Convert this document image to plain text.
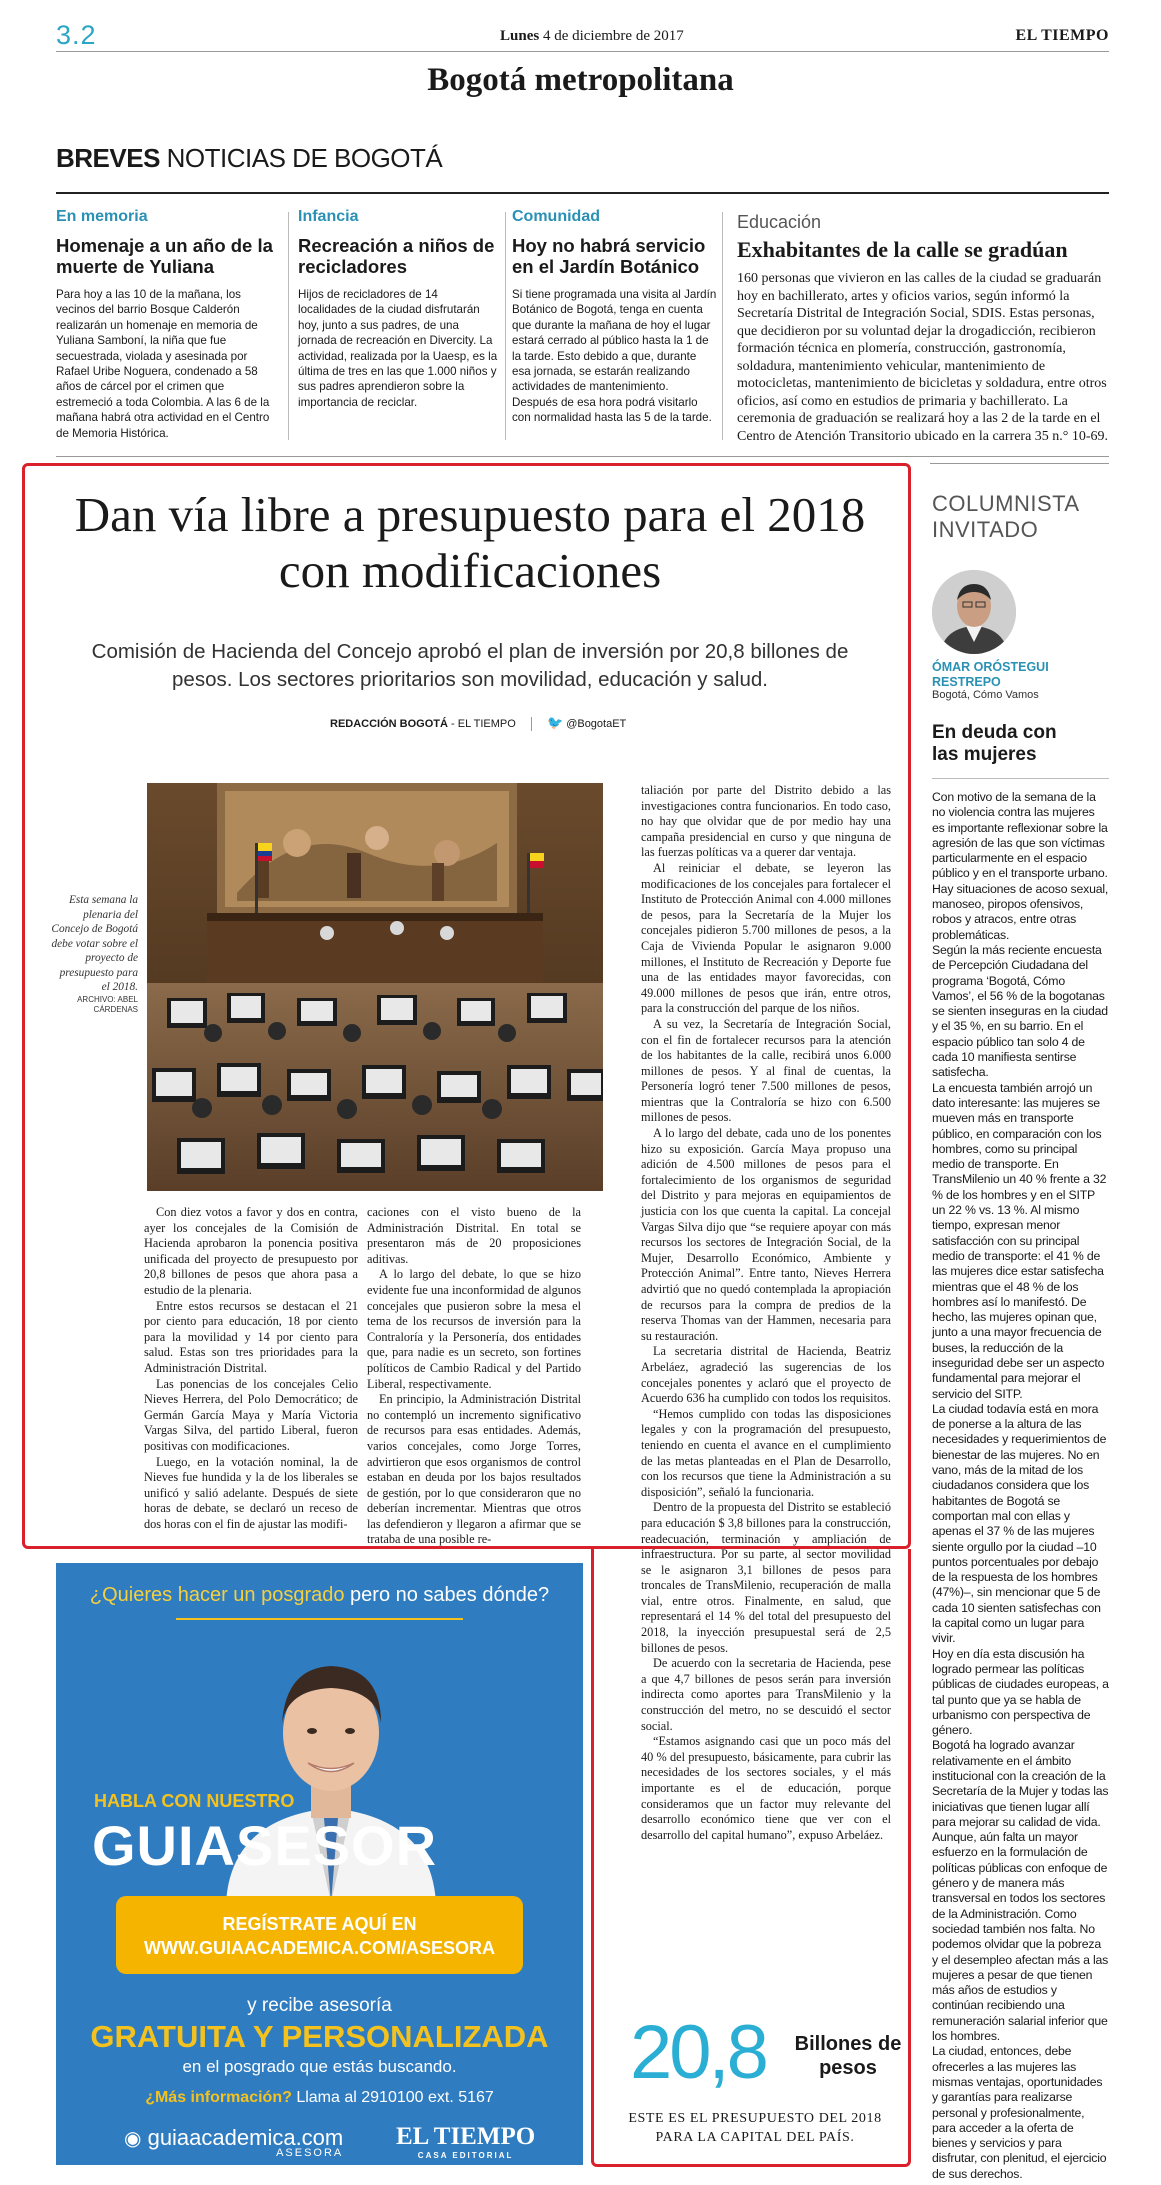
3.2	Lunes 4 de diciembre de 2017	EL TIEMPO
Bogotá metropolitana
BREVES NOTICIAS DE BOGOTÁ
En memoria
Homenaje a un año de la muerte de Yuliana

Para hoy a las 10 de la mañana, los vecinos del barrio Bosque Calderón realizarán un homenaje en memoria de Yuliana Samboní, la niña que fue secuestrada, violada y asesinada por Rafael Uribe Noguera, condenado a 58 años de cárcel por el crimen que estremeció a toda Colombia. A las 6 de la mañana habrá otra actividad en el Centro de Memoria Histórica.

Infancia
Recreación a niños de recicladores

Hijos de recicladores de 14 localidades de la ciudad disfrutarán hoy, junto a sus padres, de una jornada de recreación en Divercity. La actividad, realizada por la Uaesp, es la última de tres en las que 1.000 niños y sus padres aprendieron sobre la importancia de reciclar.

Comunidad
Hoy no habrá servicio en el Jardín Botánico

Si tiene programada una visita al Jardín Botánico de Bogotá, tenga en cuenta que durante la mañana de hoy el lugar estará cerrado al público hasta la 1 de la tarde. Esto debido a que, durante esa jornada, se estarán realizando actividades de mantenimiento. Después de esa hora podrá visitarlo con normalidad hasta las 5 de la tarde.

Educación
Exhabitantes de la calle se gradúan

160 personas que vivieron en las calles de la ciudad se graduarán hoy en bachillerato, artes y oficios varios, según informó la Secretaría Distrital de Integración Social, SDIS. Estas personas, que decidieron por su voluntad dejar la drogadicción, recibieron formación técnica en plomería, construcción, gastronomía, soldadura, mantenimiento vehicular, mantenimiento de motocicletas, mantenimiento de bicicletas y soldadura, entre otros oficios, así como en estudios de primaria y bachillerato. La ceremonia de graduación se realizará hoy a las 2 de la tarde en el Centro de Atención Transitorio ubicado en la carrera 35 n.° 10-69.

Dan vía libre a presupuesto para el 2018 con modificaciones
Comisión de Hacienda del Concejo aprobó el plan de inversión por 20,8 billones de pesos. Los sectores prioritarios son movilidad, educación y salud.
REDACCIÓN BOGOTÁ - EL TIEMPO 🐦 @BogotaET
Esta semana la plenaria del Concejo de Bogotá debe votar sobre el proyecto de presupuesto para el 2018.
ARCHIVO: ABEL CÁRDENAS

Con diez votos a favor y dos en contra, ayer los concejales de la Comisión de Hacienda aprobaron la ponencia positiva unificada del proyecto de presupuesto por 20,8 billones de pesos que ahora pasa a estudio de la plenaria.

Entre estos recursos se destacan el 21 por ciento para educación, 18 por ciento para la movilidad y 14 por ciento para salud. Estas son tres prioridades para la Administración Distrital.

Las ponencias de los concejales Celio Nieves Herrera, del Polo Democrático; de Germán García Maya y María Victoria Vargas Silva, del partido Liberal, fueron positivas con modificaciones.

Luego, en la votación nominal, la de Nieves fue hundida y la de los liberales se unificó y salió adelante. Después de siete horas de debate, se declaró un receso de dos horas con el fin de ajustar las modifi-

caciones con el visto bueno de la Administración Distrital. En total se presentaron más de 20 proposiciones aditivas.

A lo largo del debate, lo que se hizo evidente fue una inconformidad de algunos concejales que pusieron sobre la mesa el tema de los recursos de inversión para la Contraloría y la Personería, dos entidades que, para nadie es un secreto, son fortines políticos de Cambio Radical y del Partido Liberal, respectivamente.

En principio, la Administración Distrital no contempló un incremento significativo de recursos para esas entidades. Además, varios concejales, como Jorge Torres, advirtieron que esos organismos de control estaban en deuda por los bajos resultados de gestión, por lo que consideraron que no deberían incrementar. Mientras que otros las defendieron y llegaron a afirmar que se trataba de una posible re-

taliación por parte del Distrito debido a las investigaciones contra funcionarios. En todo caso, no hay que olvidar que de por medio hay una campaña presidencial en curso y que ninguna de las fuerzas políticas va a querer dar ventaja.

Al reiniciar el debate, se leyeron las modificaciones de los concejales para fortalecer el Instituto de Protección Animal con 4.000 millones de pesos, para la Secretaría de la Mujer los concejales pidieron 5.700 millones de pesos, a la Caja de Vivienda Popular le asignaron 9.000 millones, el Instituto de Recreación y Deporte fue una de las entidades mayor favorecidas, con 49.000 millones de pesos que irán, entre otros, para la construcción del parque de los niños.

A su vez, la Secretaría de Integración Social, con el fin de fortalecer recursos para la atención de los habitantes de la calle, recibirá unos 6.000 millones de pesos. Y al final de cuentas, la Personería logró tener 7.500 millones de pesos, mientras que la Contraloría se hizo con 6.500 millones de pesos.

A lo largo del debate, cada uno de los ponentes hizo su exposición. García Maya propuso una adición de 4.500 millones de pesos para el fortalecimiento de los organismos de seguridad del Distrito y para mejoras en equipamientos de justicia con los que cuenta la capital. La concejal Vargas Silva dijo que “se requiere apoyar con más recursos los sectores de Integración Social, de la Mujer, Desarrollo Económico, Ambiente y Protección Animal”. Entre tanto, Nieves Herrera advirtió que no quedó contemplada la apropiación de recursos para la compra de predios de la reserva Thomas van der Hammen, necesaria para su restauración.

La secretaria distrital de Hacienda, Beatriz Arbeláez, agradeció las sugerencias de los concejales ponentes y aclaró que el proyecto de Acuerdo 636 ha cumplido con todos los requisitos.

“Hemos cumplido con todas las disposiciones legales y con la programación del presupuesto, teniendo en cuenta el avance en el cumplimiento de las metas planteadas en el Plan de Desarrollo, con los recursos que tiene la Administración a su disposición”, señaló la funcionaria.

Dentro de la propuesta del Distrito se estableció para educación $ 3,8 billones para la construcción, readecuación, terminación y ampliación de infraestructura. Por su parte, al sector movilidad se le asignaron 3,1 billones de pesos para troncales de TransMilenio, recuperación de malla vial, entre otros. Finalmente, en salud, que representará el 14 % del total del presupuesto del 2018, la inyección presupuestal será de 2,5 billones de pesos.

De acuerdo con la secretaria de Hacienda, pese a que 4,7 billones de pesos serán para inversión indirecta como aportes para TransMilenio y la construcción del metro, no se descuidó el sector social.

“Estamos asignando casi que un poco más del 40 % del presupuesto, básicamente, para cubrir las necesidades de los sectores sociales, y el más importante es el de educación, porque consideramos que un factor muy relevante del desarrollo económico tiene que ver con el desarrollo del capital humano”, expuso Arbeláez.

20,8 Billones de pesos
ESTE ES EL PRESUPUESTO DEL 2018 PARA LA CAPITAL DEL PAÍS.
¿Quieres hacer un posgrado pero no sabes dónde?
HABLA CON NUESTRO
GUIASESOR
REGÍSTRATE AQUÍ EN
WWW.GUIAACADEMICA.COM/ASESORA
y recibe asesoría
GRATUITA Y PERSONALIZADA
en el posgrado que estás buscando.
¿Más información? Llama al 2910100 ext. 5167
◉ guiaacademica.com
ASESORA
EL TIEMPO
CASA EDITORIAL
COLUMNISTA
INVITADO
ÓMAR ORÓSTEGUI
RESTREPO
Bogotá, Cómo Vamos
En deuda con las mujeres

Con motivo de la semana de la no violencia contra las mujeres es importante reflexionar sobre la agresión de las que son víctimas particularmente en el espacio público y en el transporte urbano. Hay situaciones de acoso sexual, manoseo, piropos ofensivos, robos y atracos, entre otras problemáticas.

Según la más reciente encuesta de Percepción Ciudadana del programa ‘Bogotá, Cómo Vamos’, el 56 % de la bogotanas se sienten inseguras en la ciudad y el 35 %, en su barrio. En el espacio público tan solo 4 de cada 10 manifiesta sentirse satisfecha.

La encuesta también arrojó un dato interesante: las mujeres se mueven más en transporte público, en comparación con los hombres, como su principal medio de transporte. En TransMilenio un 40 % frente a 32 % de los hombres y en el SITP un 22 % vs. 13 %. Al mismo tiempo, expresan menor satisfacción con su principal medio de transporte: el 41 % de las mujeres dice estar satisfecha mientras que el 48 % de los hombres así lo manifestó. De hecho, las mujeres opinan que, junto a una mayor frecuencia de buses, la reducción de la inseguridad debe ser un aspecto fundamental para mejorar el servicio del SITP.

La ciudad todavía está en mora de ponerse a la altura de las necesidades y requerimientos de bienestar de las mujeres. No en vano, más de la mitad de los ciudadanos considera que los habitantes de Bogotá se comportan mal con ellas y apenas el 37 % de las mujeres siente orgullo por la ciudad –10 puntos porcentuales por debajo de la respuesta de los hombres (47%)–, sin mencionar que 5 de cada 10 sienten satisfechas con la capital como un lugar para vivir.

Hoy en día esta discusión ha logrado permear las políticas públicas de ciudades europeas, a tal punto que ya se habla de urbanismo con perspectiva de género.

Bogotá ha logrado avanzar relativamente en el ámbito institucional con la creación de la Secretaría de la Mujer y todas las iniciativas que tienen lugar allí para mejorar su calidad de vida. Aunque, aún falta un mayor esfuerzo en la formulación de políticas públicas con enfoque de género y de manera más transversal en todos los sectores de la Administración. Como sociedad también nos falta. No podemos olvidar que la pobreza y el desempleo afectan más a las mujeres a pesar de que tienen más años de estudios y continúan recibiendo una remuneración salarial inferior que los hombres.

La ciudad, entonces, debe ofrecerles a las mujeres las mismas ventajas, oportunidades y garantías para realizarse personal y profesionalmente, para acceder a la oferta de bienes y servicios y para disfrutar, con plenitud, el ejercicio de sus derechos.
